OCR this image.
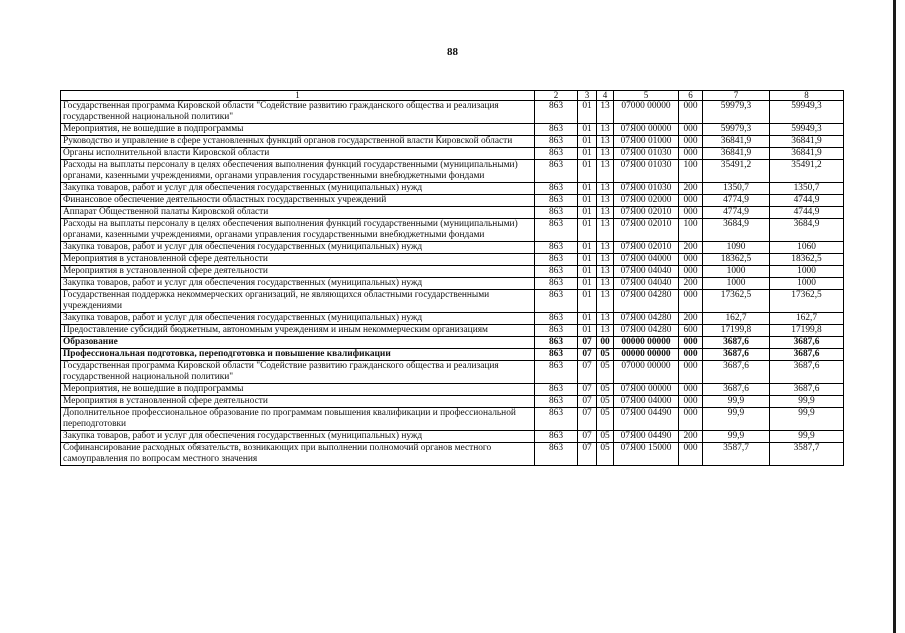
88
1	2	3	4	5	6	7	8
Государственная программа Кировской области "Содействие развитию гражданского общества и реализация государственной национальной политики"	863	01	13	07000 00000	000	59979,3	59949,3
Мероприятия, не вошедшие в подпрограммы	863	01	13	07Я00 00000	000	59979,3	59949,3
Руководство и управление в сфере установленных функций органов государственной власти Кировской области	863	01	13	07Я00 01000	000	36841,9	36841,9
Органы исполнительной власти Кировской области	863	01	13	07Я00 01030	000	36841,9	36841,9
Расходы на выплаты персоналу в целях обеспечения выполнения функций государственными (муниципальными) органами, казенными учреждениями, органами управления государственными внебюджетными фондами	863	01	13	07Я00 01030	100	35491,2	35491,2
Закупка товаров, работ и услуг для обеспечения государственных (муниципальных) нужд	863	01	13	07Я00 01030	200	1350,7	1350,7
Финансовое обеспечение деятельности областных государственных учреждений	863	01	13	07Я00 02000	000	4774,9	4744,9
Аппарат Общественной палаты Кировской области	863	01	13	07Я00 02010	000	4774,9	4744,9
Расходы на выплаты персоналу в целях обеспечения выполнения функций государственными (муниципальными) органами, казенными учреждениями, органами управления государственными внебюджетными фондами	863	01	13	07Я00 02010	100	3684,9	3684,9
Закупка товаров, работ и услуг для обеспечения государственных (муниципальных) нужд	863	01	13	07Я00 02010	200	1090	1060
Мероприятия в установленной сфере деятельности	863	01	13	07Я00 04000	000	18362,5	18362,5
Мероприятия в установленной сфере деятельности	863	01	13	07Я00 04040	000	1000	1000
Закупка товаров, работ и услуг для обеспечения государственных (муниципальных) нужд	863	01	13	07Я00 04040	200	1000	1000
Государственная поддержка некоммерческих организаций, не являющихся областными государственными учреждениями	863	01	13	07Я00 04280	000	17362,5	17362,5
Закупка товаров, работ и услуг для обеспечения государственных (муниципальных) нужд	863	01	13	07Я00 04280	200	162,7	162,7
Предоставление субсидий бюджетным, автономным учреждениям и иным некоммерческим организациям	863	01	13	07Я00 04280	600	17199,8	17199,8
Образование	863	07	00	00000 00000	000	3687,6	3687,6
Профессиональная подготовка, переподготовка и повышение квалификации	863	07	05	00000 00000	000	3687,6	3687,6
Государственная программа Кировской области "Содействие развитию гражданского общества и реализация государственной национальной политики"	863	07	05	07000 00000	000	3687,6	3687,6
Мероприятия, не вошедшие в подпрограммы	863	07	05	07Я00 00000	000	3687,6	3687,6
Мероприятия в установленной сфере деятельности	863	07	05	07Я00 04000	000	99,9	99,9
Дополнительное профессиональное образование по программам повышения квалификации и профессиональной переподготовки	863	07	05	07Я00 04490	000	99,9	99,9
Закупка товаров, работ и услуг для обеспечения государственных (муниципальных) нужд	863	07	05	07Я00 04490	200	99,9	99,9
Софинансирование расходных обязательств, возникающих при выполнении полномочий органов местного самоуправления по вопросам местного значения	863	07	05	07Я00 15000	000	3587,7	3587,7
